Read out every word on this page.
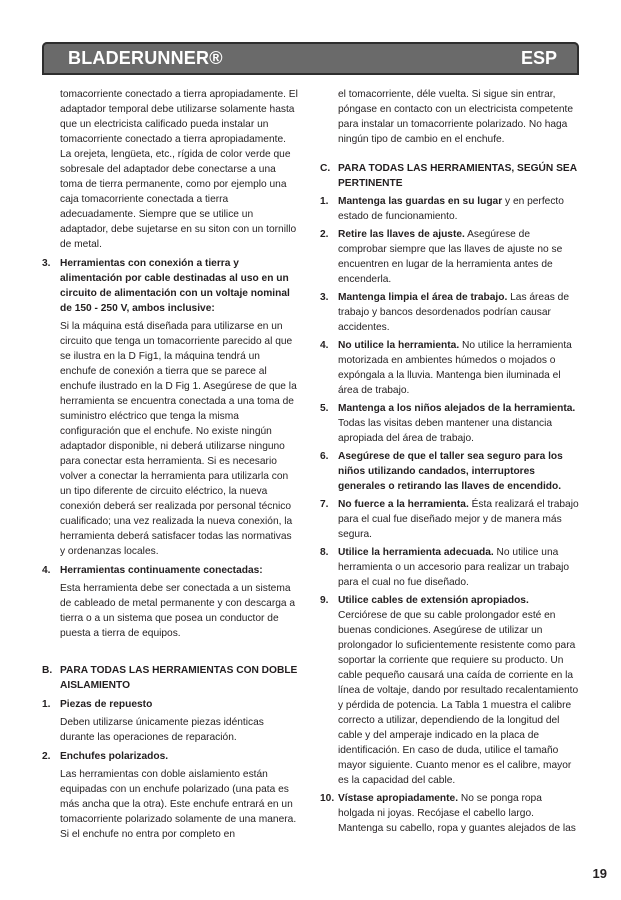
BLADERUNNER®	ESP

tomacorriente conectado a tierra apropiadamente. El adaptador temporal debe utilizarse solamente hasta que un electricista calificado pueda instalar un tomacorriente conectado a tierra apropiadamente. La orejeta, lengüeta, etc., rígida de color verde que sobresale del adaptador debe conectarse a una toma de tierra permanente, como por ejemplo una caja tomacorriente conectada a tierra adecuadamente. Siempre que se utilice un adaptador, debe sujetarse en su siton con un tornillo de metal.

3. Herramientas con conexión a tierra y alimentación por cable destinadas al uso en un circuito de alimentación con un voltaje nominal de 150 - 250 V, ambos inclusive:

Si la máquina está diseñada para utilizarse en un circuito que tenga un tomacorriente parecido al que se ilustra en la D Fig1, la máquina tendrá un enchufe de conexión a tierra que se parece al enchufe ilustrado en la D Fig 1. Asegúrese de que la herramienta se encuentra conectada a una toma de suministro eléctrico que tenga la misma configuración que el enchufe. No existe ningún adaptador disponible, ni deberá utilizarse ninguno para conectar esta herramienta. Si es necesario volver a conectar la herramienta para utilizarla con un tipo diferente de circuito eléctrico, la nueva conexión deberá ser realizada por personal técnico cualificado; una vez realizada la nueva conexión, la herramienta deberá satisfacer todas las normativas y ordenanzas locales.

4. Herramientas continuamente conectadas:

Esta herramienta debe ser conectada a un sistema de cableado de metal permanente y con descarga a tierra o a un sistema que posea un conductor de puesta a tierra de equipos.

B. PARA TODAS LAS HERRAMIENTAS CON DOBLE AISLAMIENTO

1. Piezas de repuesto

Deben utilizarse únicamente piezas idénticas durante las operaciones de reparación.

2. Enchufes polarizados.

Las herramientas con doble aislamiento están equipadas con un enchufe polarizado (una pata es más ancha que la otra). Este enchufe entrará en un tomacorriente polarizado solamente de una manera. Si el enchufe no entra por completo en

el tomacorriente, déle vuelta. Si sigue sin entrar, póngase en contacto con un electricista competente para instalar un tomacorriente polarizado. No haga ningún tipo de cambio en el enchufe.

C. PARA TODAS LAS HERRAMIENTAS, SEGÚN SEA PERTINENTE

1. Mantenga las guardas en su lugar y en perfecto estado de funcionamiento.

2. Retire las llaves de ajuste. Asegúrese de comprobar siempre que las llaves de ajuste no se encuentren en lugar de la herramienta antes de encenderla.

3. Mantenga limpia el área de trabajo. Las áreas de trabajo y bancos desordenados podrían causar accidentes.

4. No utilice la herramienta. No utilice la herramienta motorizada en ambientes húmedos o mojados o expóngala a la lluvia. Mantenga bien iluminada el área de trabajo.

5. Mantenga a los niños alejados de la herramienta. Todas las visitas deben mantener una distancia apropiada del área de trabajo.

6. Asegúrese de que el taller sea seguro para los niños utilizando candados, interruptores generales o retirando las llaves de encendido.

7. No fuerce a la herramienta. Ésta realizará el trabajo para el cual fue diseñado mejor y de manera más segura.

8. Utilice la herramienta adecuada. No utilice una herramienta o un accesorio para realizar un trabajo para el cual no fue diseñado.

9. Utilice cables de extensión apropiados. Cerciórese de que su cable prolongador esté en buenas condiciones. Asegúrese de utilizar un prolongador lo suficientemente resistente como para soportar la corriente que requiere su producto. Un cable pequeño causará una caída de corriente en la línea de voltaje, dando por resultado recalentamiento y pérdida de potencia. La Tabla 1 muestra el calibre correcto a utilizar, dependiendo de la longitud del cable y del amperaje indicado en la placa de identificación. En caso de duda, utilice el tamaño mayor siguiente. Cuanto menor es el calibre, mayor es la capacidad del cable.

10. Vístase apropiadamente. No se ponga ropa holgada ni joyas. Recójase el cabello largo. Mantenga su cabello, ropa y guantes alejados de las

19
